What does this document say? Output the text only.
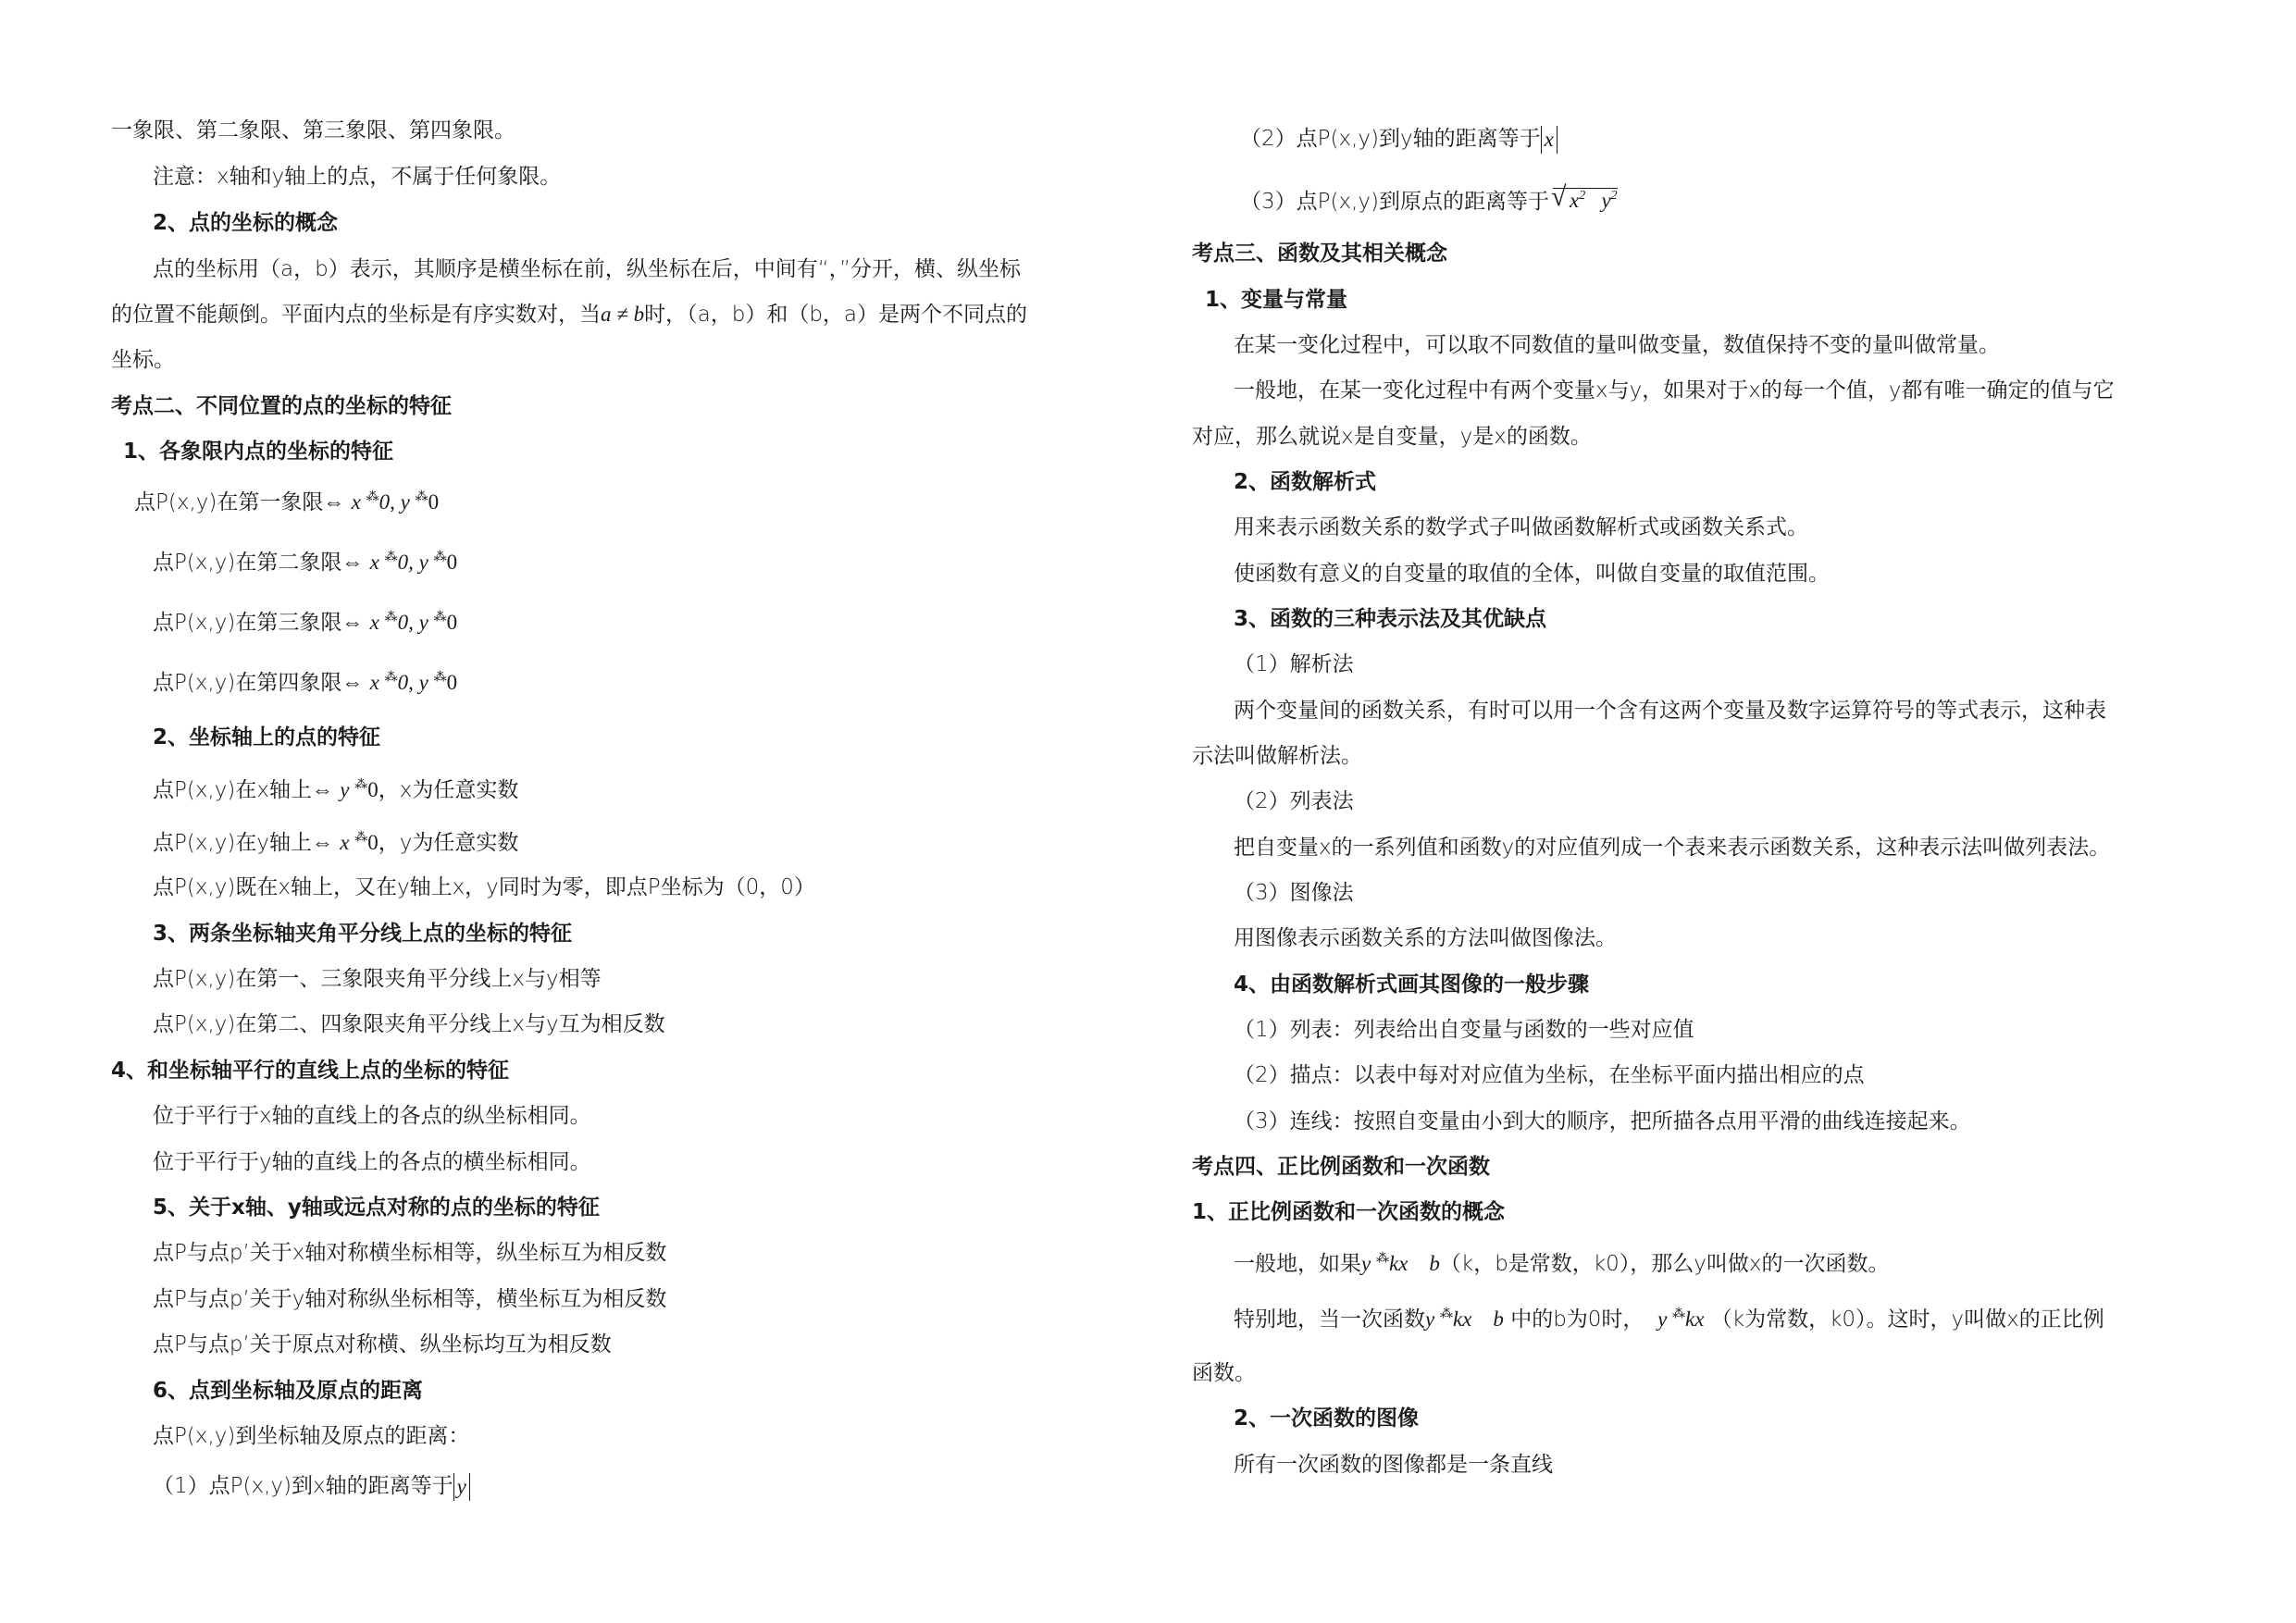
一象限、第二象限、第三象限、第四象限。
注意：x轴和y轴上的点，不属于任何象限。
2、点的坐标的概念
点的坐标用（a，b）表示，其顺序是横坐标在前，纵坐标在后，中间有“，”分开，横、纵坐标
的位置不能颠倒。平面内点的坐标是有序实数对，当a ≠ b时，（a，b）和（b，a）是两个不同点的
坐标。
考点二、不同位置的点的坐标的特征
1、各象限内点的坐标的特征
点P(x,y)在第一象限⇔ x ⁂0, y ⁂0
点P(x,y)在第二象限⇔ x ⁂0, y ⁂0
点P(x,y)在第三象限⇔ x ⁂0, y ⁂0
点P(x,y)在第四象限⇔ x ⁂0, y ⁂0
2、坐标轴上的点的特征
点P(x,y)在x轴上⇔ y ⁂0，x为任意实数
点P(x,y)在y轴上⇔ x ⁂0，y为任意实数
点P(x,y)既在x轴上，又在y轴上x，y同时为零，即点P坐标为（0，0）
3、两条坐标轴夹角平分线上点的坐标的特征
点P(x,y)在第一、三象限夹角平分线上x与y相等
点P(x,y)在第二、四象限夹角平分线上x与y互为相反数
4、和坐标轴平行的直线上点的坐标的特征
位于平行于x轴的直线上的各点的纵坐标相同。
位于平行于y轴的直线上的各点的横坐标相同。
5、关于x轴、y轴或远点对称的点的坐标的特征
点P与点p’关于x轴对称横坐标相等，纵坐标互为相反数
点P与点p’关于y轴对称纵坐标相等，横坐标互为相反数
点P与点p’关于原点对称横、纵坐标均互为相反数
6、点到坐标轴及原点的距离
点P(x,y)到坐标轴及原点的距离：
（1）点P(x,y)到x轴的距离等于 y
（2）点P(x,y)到y轴的距离等于 x
（3）点P(x,y)到原点的距离等于√ $x^2$   $y^2$
考点三、函数及其相关概念
1、变量与常量
在某一变化过程中，可以取不同数值的量叫做变量，数值保持不变的量叫做常量。
一般地，在某一变化过程中有两个变量x与y，如果对于x的每一个值，y都有唯一确定的值与它
对应，那么就说x是自变量，y是x的函数。
2、函数解析式
用来表示函数关系的数学式子叫做函数解析式或函数关系式。
使函数有意义的自变量的取值的全体，叫做自变量的取值范围。
3、函数的三种表示法及其优缺点
（1）解析法
两个变量间的函数关系，有时可以用一个含有这两个变量及数字运算符号的等式表示，这种表
示法叫做解析法。
（2）列表法
把自变量x的一系列值和函数y的对应值列成一个表来表示函数关系，这种表示法叫做列表法。
（3）图像法
用图像表示函数关系的方法叫做图像法。
4、由函数解析式画其图像的一般步骤
（1）列表：列表给出自变量与函数的一些对应值
（2）描点：以表中每对对应值为坐标，在坐标平面内描出相应的点
（3）连线：按照自变量由小到大的顺序，把所描各点用平滑的曲线连接起来。
考点四、正比例函数和一次函数
1、正比例函数和一次函数的概念
一般地，如果y ⁂kx    b（k，b是常数，k0），那么y叫做x的一次函数。
特别地，当一次函数y ⁂kx    b 中的b为0时， y ⁂kx （k为常数，k0）。这时，y叫做x的正比例
函数。
2、一次函数的图像
所有一次函数的图像都是一条直线
